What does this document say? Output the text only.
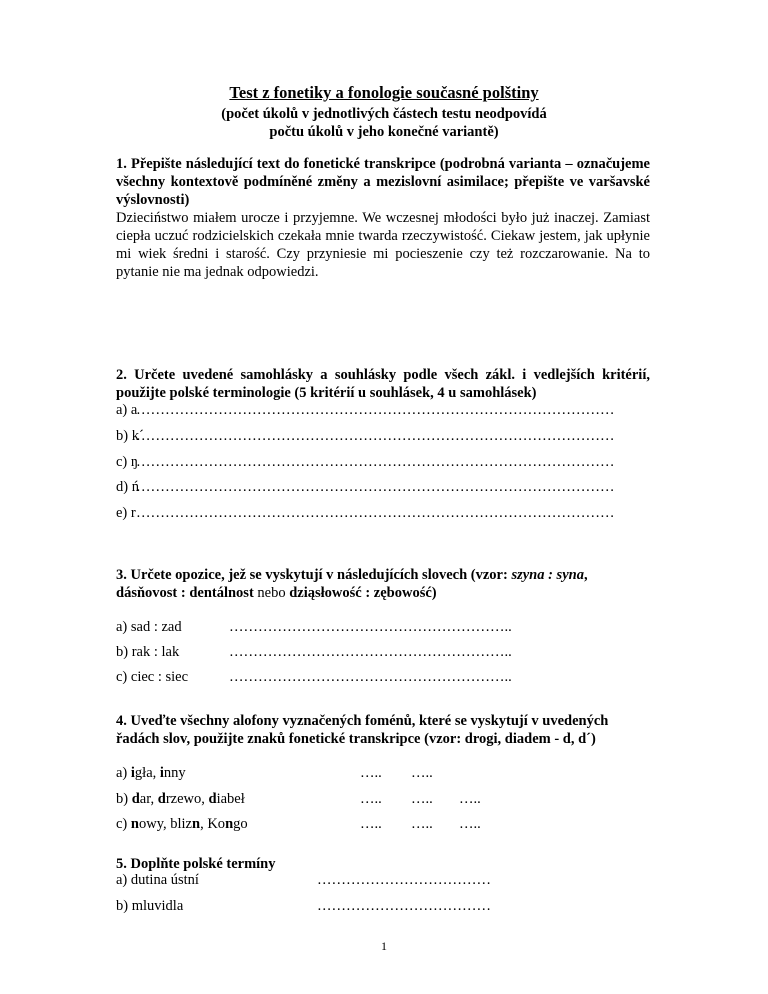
Test z fonetiky a fonologie současné polštiny
(počet úkolů v jednotlivých částech testu neodpovídá
počtu úkolů v jeho konečné variantě)
1. Přepište následující text do fonetické transkripce (podrobná varianta – označujeme všechny kontextově podmíněné změny a mezislovní asimilace; přepište ve varšavské výslovnosti)
Dzieciństwo miałem urocze i przyjemne. We wczesnej młodości było już inaczej. Zamiast ciepła uczuć rodzicielskich czekała mnie twarda rzeczywistość. Ciekaw jestem, jak upłynie mi wiek średni i starość. Czy przyniesie mi pocieszenie czy też rozczarowanie. Na to pytanie nie ma jednak odpowiedzi.
2. Určete uvedené samohlásky a souhlásky podle všech zákl. i vedlejších kritérií, použijte polské terminologie (5 kritérií u souhlásek, 4 u samohlásek)
a) a
………………………………………………………………………………………
b) k´
………………………………………………………………………………………
c) ŋ
………………………………………………………………………………………
d) ń
………………………………………………………………………………………
e) r ………………………………………………………………………………………
3. Určete opozice, jež se vyskytují v následujících slovech (vzor: szyna : syna, dásňovost : dentálnost nebo dziąsłowość : zębowość)
a) sad : zad	…………………………………………………..
b) rak : lak	…………………………………………………..
c) ciec : siec	…………………………………………………..
4. Uveďte všechny alofony vyznačených foménů, které se vyskytují v uvedených řadách slov, použijte znaků fonetické transkripce (vzor: drogi, diadem - d, d´)
a) igła, inny	….. …..
b) dar, drzewo, diabeł	….. ….. …..
c) nowy, blizn, Kongo	….. ….. …..
5. Doplňte polské termíny
a) dutina ústní	………………………………
b) mluvidla	………………………………
1
